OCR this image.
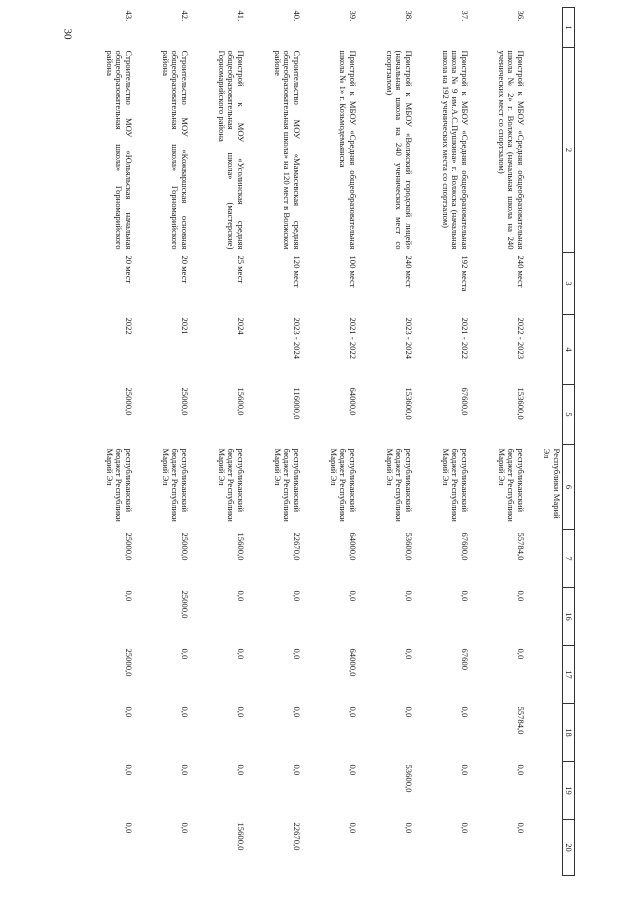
30
1	2	3	4	5	6	7	16	17	18	19	20
					Республики Марий Эл						
36.	Пристрой к МБОУ «Средняя общеобразовательная школа № 2» г. Волжска (начальная школа на 240 ученических мест со спортзалом)	240 мест	2022 - 2023	153600,0	республиканский бюджет Республики Марий Эл	55784,0	0,0	0,0	55784,0	0,0	0,0
37.	Пристрой к МБОУ «Средняя общеобразовательная школа № 9 им.А.С.Пушкина» г. Волжска (начальная школа на 192 ученических места со спортзалом)	192 места	2021 - 2022	67600,0	республиканский бюджет Республики Марий Эл	67600,0	0,0	67600	0,0	0,0	0,0
38.	Пристрой к МБОУ «Волжский городской лицей» (начальная школа на 240 ученических мест со спортзалом)	240 мест	2023 - 2024	153600,0	республиканский бюджет Республики Марий Эл	53600,0	0,0	0,0	0,0	53600,0	0,0
39.	Пристрой к МБОУ «Средняя общеобразовательная школа № 1» г. Козьмодемьянска	100 мест	2021 - 2022	64000,0	республиканский бюджет Республики Марий Эл	64000,0	0,0	64000,0	0,0	0,0	0,0
40.	Строительство МОУ «Мамасевская средняя общеобразовательная школа» на 120 мест в Волжском районе	120 мест	2023 - 2024	116000,0	республиканский бюджет Республики Марий Эл	22670,0	0,0	0,0	0,0	0,0	22670,0
41.	Пристрой к МОУ «Усолинская средняя общеобразовательная школа» (мастерские) Горномарийского района	25 мест	2024	15600,0	республиканский бюджет Республики Марий Эл	15600,0	0,0	0,0	0,0	0,0	15600,0
42.	Строительство МОУ «Кожваршская основная общеобразовательная школа» Горномарийского района	20 мест	2021	25000,0	республиканский бюджет Республики Марий Эл	25000,0	25000,0	0,0	0,0	0,0	0,0
43.	Строительство МОУ «Юльяльская начальная общеобразовательная школа» Горномарийского района	20 мест	2022	25000,0	республиканский бюджет Республики Марий Эл	25000,0	0,0	25000,0	0,0	0,0	0,0
